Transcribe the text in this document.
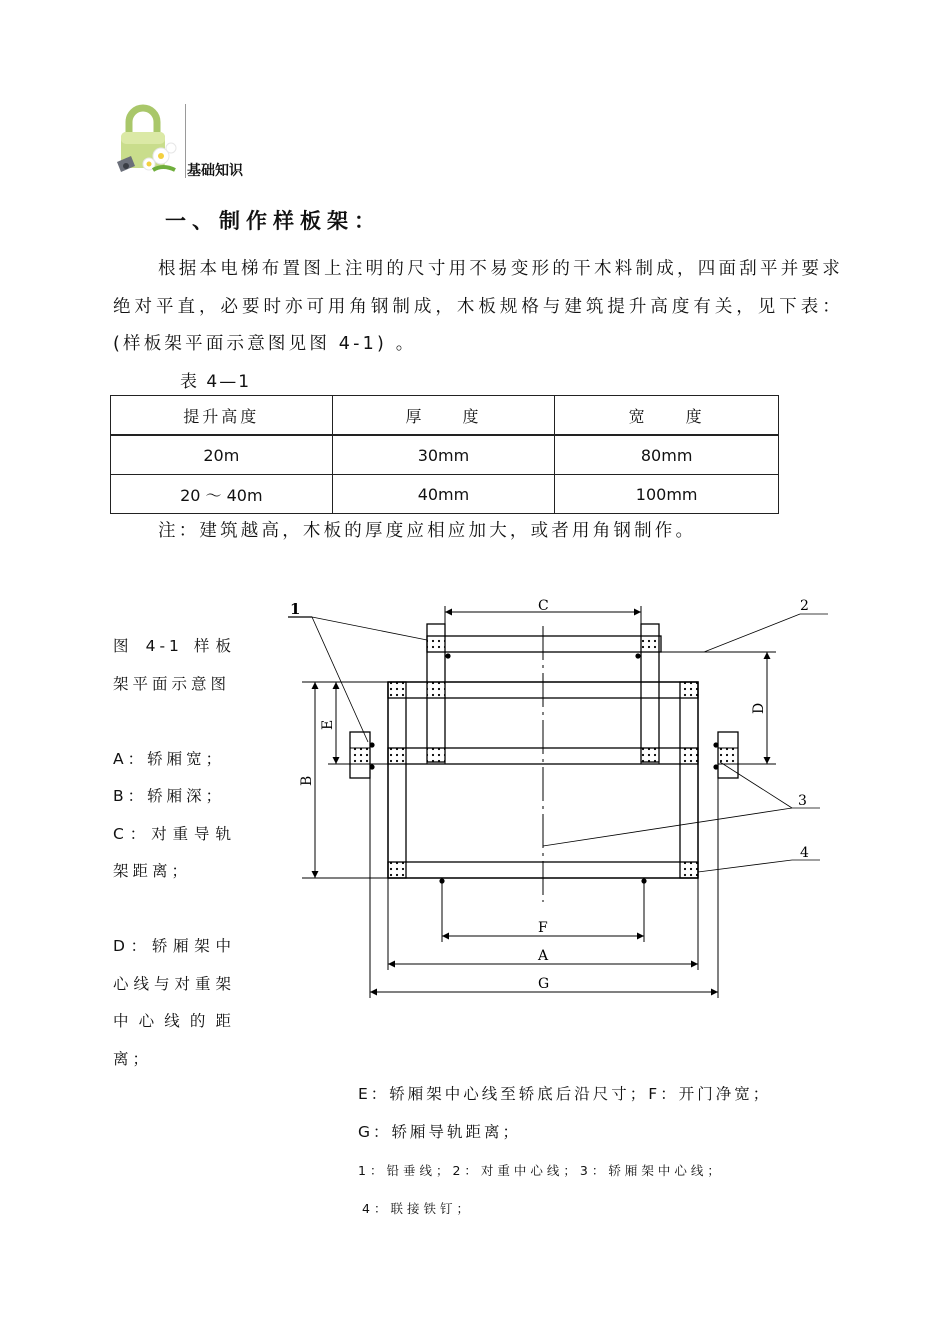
基础知识
一、制作样板架：

根据本电梯布置图上注明的尺寸用不易变形的干木料制成，四面刮平并要求绝对平直，必要时亦可用角钢制成，木板规格与建筑提升高度有关，见下表：(样板架平面示意图见图 4-1) 。

表 4—1
提升高度	厚　　度	宽　　度
20m	30mm	80mm
20 ～ 40m	40mm	100mm
注：建筑越高，木板的厚度应相应加大，或者用角钢制作。
图 4-1 样板架平面示意图
A：轿厢宽；
B：轿厢深；
C：对重导轨架距离；
D：轿厢架中心线与对重架中心线的距离；
1	2
3
4
C
F
A
G
B
E
D
E：轿厢架中心线至轿底后沿尺寸；F：开门净宽；
G：轿厢导轨距离；
1：铅垂线；2：对重中心线；3：轿厢架中心线；
4：联接铁钉；
